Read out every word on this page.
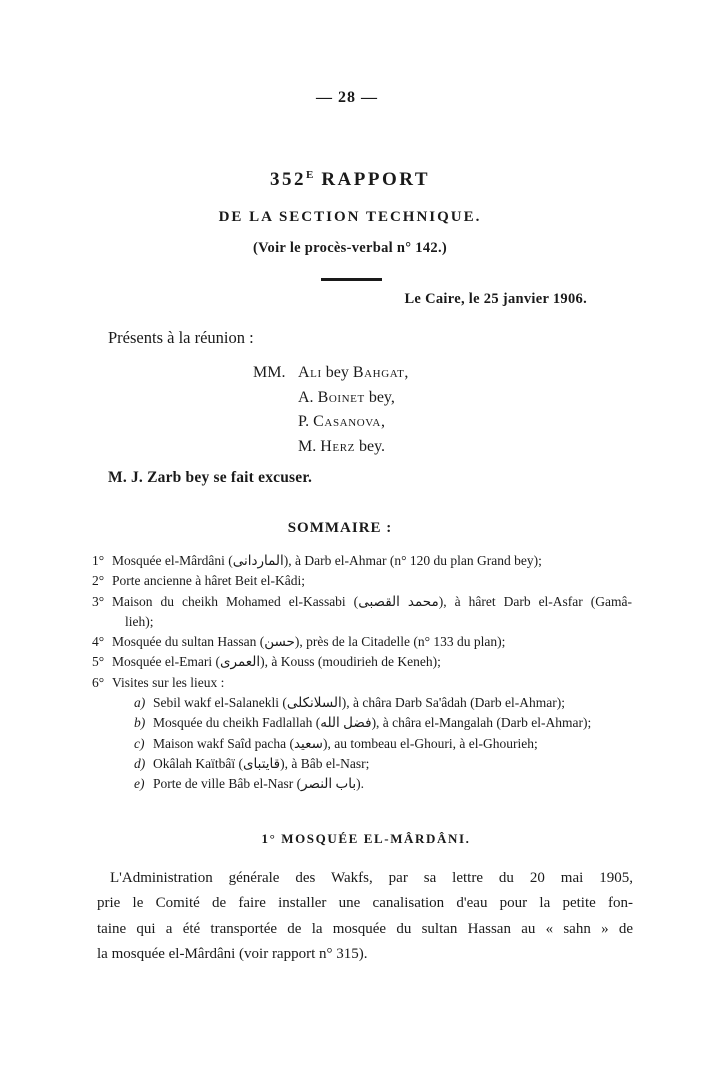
— 28 —
$352^E$ RAPPORT
DE LA SECTION TECHNIQUE.
(Voir le procès-verbal n° 142.)
Le Caire, le 25 janvier 1906.
Présents à la réunion :
MM. Ali bey Bahgat,
A. Boinet bey,
P. Casanova,
M. Herz bey.
M. J. Zarb bey se fait excuser.
SOMMAIRE :
1° Mosquée el-Mârdâni (الماردانى), à Darb el-Ahmar (n° 120 du plan Grand bey);
2° Porte ancienne à hâret Beit el-Kâdi;
3° Maison du cheikh Mohamed el-Kassabi (محمد القصبى), à hâret Darb el-Asfar (Gamâ-
lieh);
4° Mosquée du sultan Hassan (حسن), près de la Citadelle (n° 133 du plan);
5° Mosquée el-Emari (العمرى), à Kouss (moudirieh de Keneh);
6° Visites sur les lieux :
a) Sebil wakf el-Salanekli (السلانكلى), à châra Darb Sa'âdah (Darb el-Ahmar);
b) Mosquée du cheikh Fadlallah (فضل الله), à châra el-Mangalah (Darb el-Ahmar);
c) Maison wakf Saîd pacha (سعيد), au tombeau el-Ghouri, à el-Ghourieh;
d) Okâlah Kaïtbâï (قايتباى), à Bâb el-Nasr;
e) Porte de ville Bâb el-Nasr (باب النصر).
1° MOSQUÉE EL-MÂRDÂNI.
L'Administration générale des Wakfs, par sa lettre du 20 mai 1905,
prie le Comité de faire installer une canalisation d'eau pour la petite fon-
taine qui a été transportée de la mosquée du sultan Hassan au « sahn » de
la mosquée el-Mârdâni (voir rapport n° 315).
